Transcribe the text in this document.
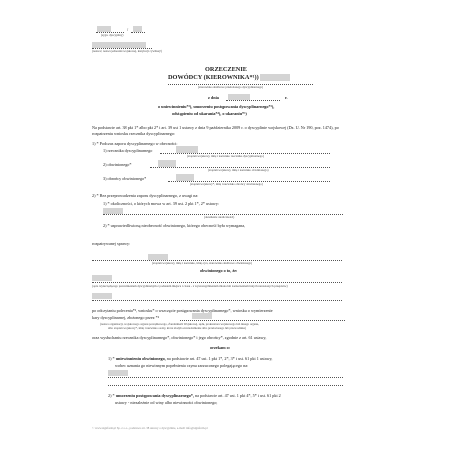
/
(sygn. dyscypliny)
(nazwa², nazwa jednostki wojskowej, instytucji cywilnej²)
ORZECZENIE
DOWÓDCY (KIEROWNIKA*¹))
(stanowisko służbowe przełożonego dyscyplinarnego)
z dnia	r.
o uniewinnieniu*²), umorzeniu postępowania dyscyplinarnego*³),
odstąpieniu od ukarania*⁴), o ukaraniu*⁵)
Na podstawie art. 38 pkt 1* albo pkt 2* i art. 39 ust 1 ustawy z dnia 9 października 2009 r. o dyscyplinie wojskowej (Dz. U. Nr 190, poz. 1474), po rozpatrzeniu wniosku rzecznika dyscyplinarnego:
1) * Podczas zaporu dyscyplinarnego w obecności:
1) rzecznika dyscyplinarnego
(stopień wojskowy, imię i nazwisko rzecznika dyscyplinarnego)
2) obwinionego*
(stopień wojskowy, imię i nazwisko obwinionego)
3) obrońcy obwinionego*
(stopień wojskowy*, imię i nazwisko obrońcy obwinionego)
2) * Bez przeprowadzenia zaporu dyscyplinarnego, z uwagi na:
1) * okoliczności, o których mowa w art. 39 ust. 2 pkt 1*, 2* ustawy:
(określenie okoliczności)
2) * usprawiedliwioną nieobecność obwinionego, którego obecność była wymagana,
rozpatrywanej sprawy:
(stopień wojskowy, imię i nazwisko, imię ojca, stanowisko służbowe obwinionego)
obwinionego o to, że:
(opis czynu będącego przewinieniem dyscyplinarnym z podaniem miejsca i czasu - z wyszczególnieniem miana lub zaznaczeniem innych naruszonych przepisów)
po odczytaniu polecenia*², wniosku* o wszczęcie postępowania dyscyplinarnego*, wniosku o wymierzenie
kary dyscyplinarnej, złożonego przez *⁶
(nazwa organizacji, wojskowego organu porządkowego, Żandarmerii Wojskowej, sądu, prokuratora wojskowego lub innego organu,
albo stopień wojskowy*, imię i nazwisko osoby, która złożyła zawiadomienie albo przełożonego lub przewodnika)
oraz wysłuchaniu rzecznika dyscyplinarnego*, obwinionego* i jego obrońcy*, zgodnie z art. 61 ustawy,
orzekam o:
1) * uniewinnieniu obwinionego, na podstawie art. 47 ust. 1 pkt 1*, 2*, 3* i ust. 61 pkt 1 ustawy,
wobec uznania go niewinnym popełnienia czynu zarzuconego polegającego na:
2) * umorzeniu postępowania dyscyplinarnego*, na podstawie art. 47 ust. 1 pkt 4*, 5* i ust. 61 pkt 2
ustawy - niezależnie od winy albo niewinności obwinionego;
© www.signform.pl Sp. z o.o., podstawa art. 38 ustawy o dyscyplinie, e-mail: info@signform.pl
